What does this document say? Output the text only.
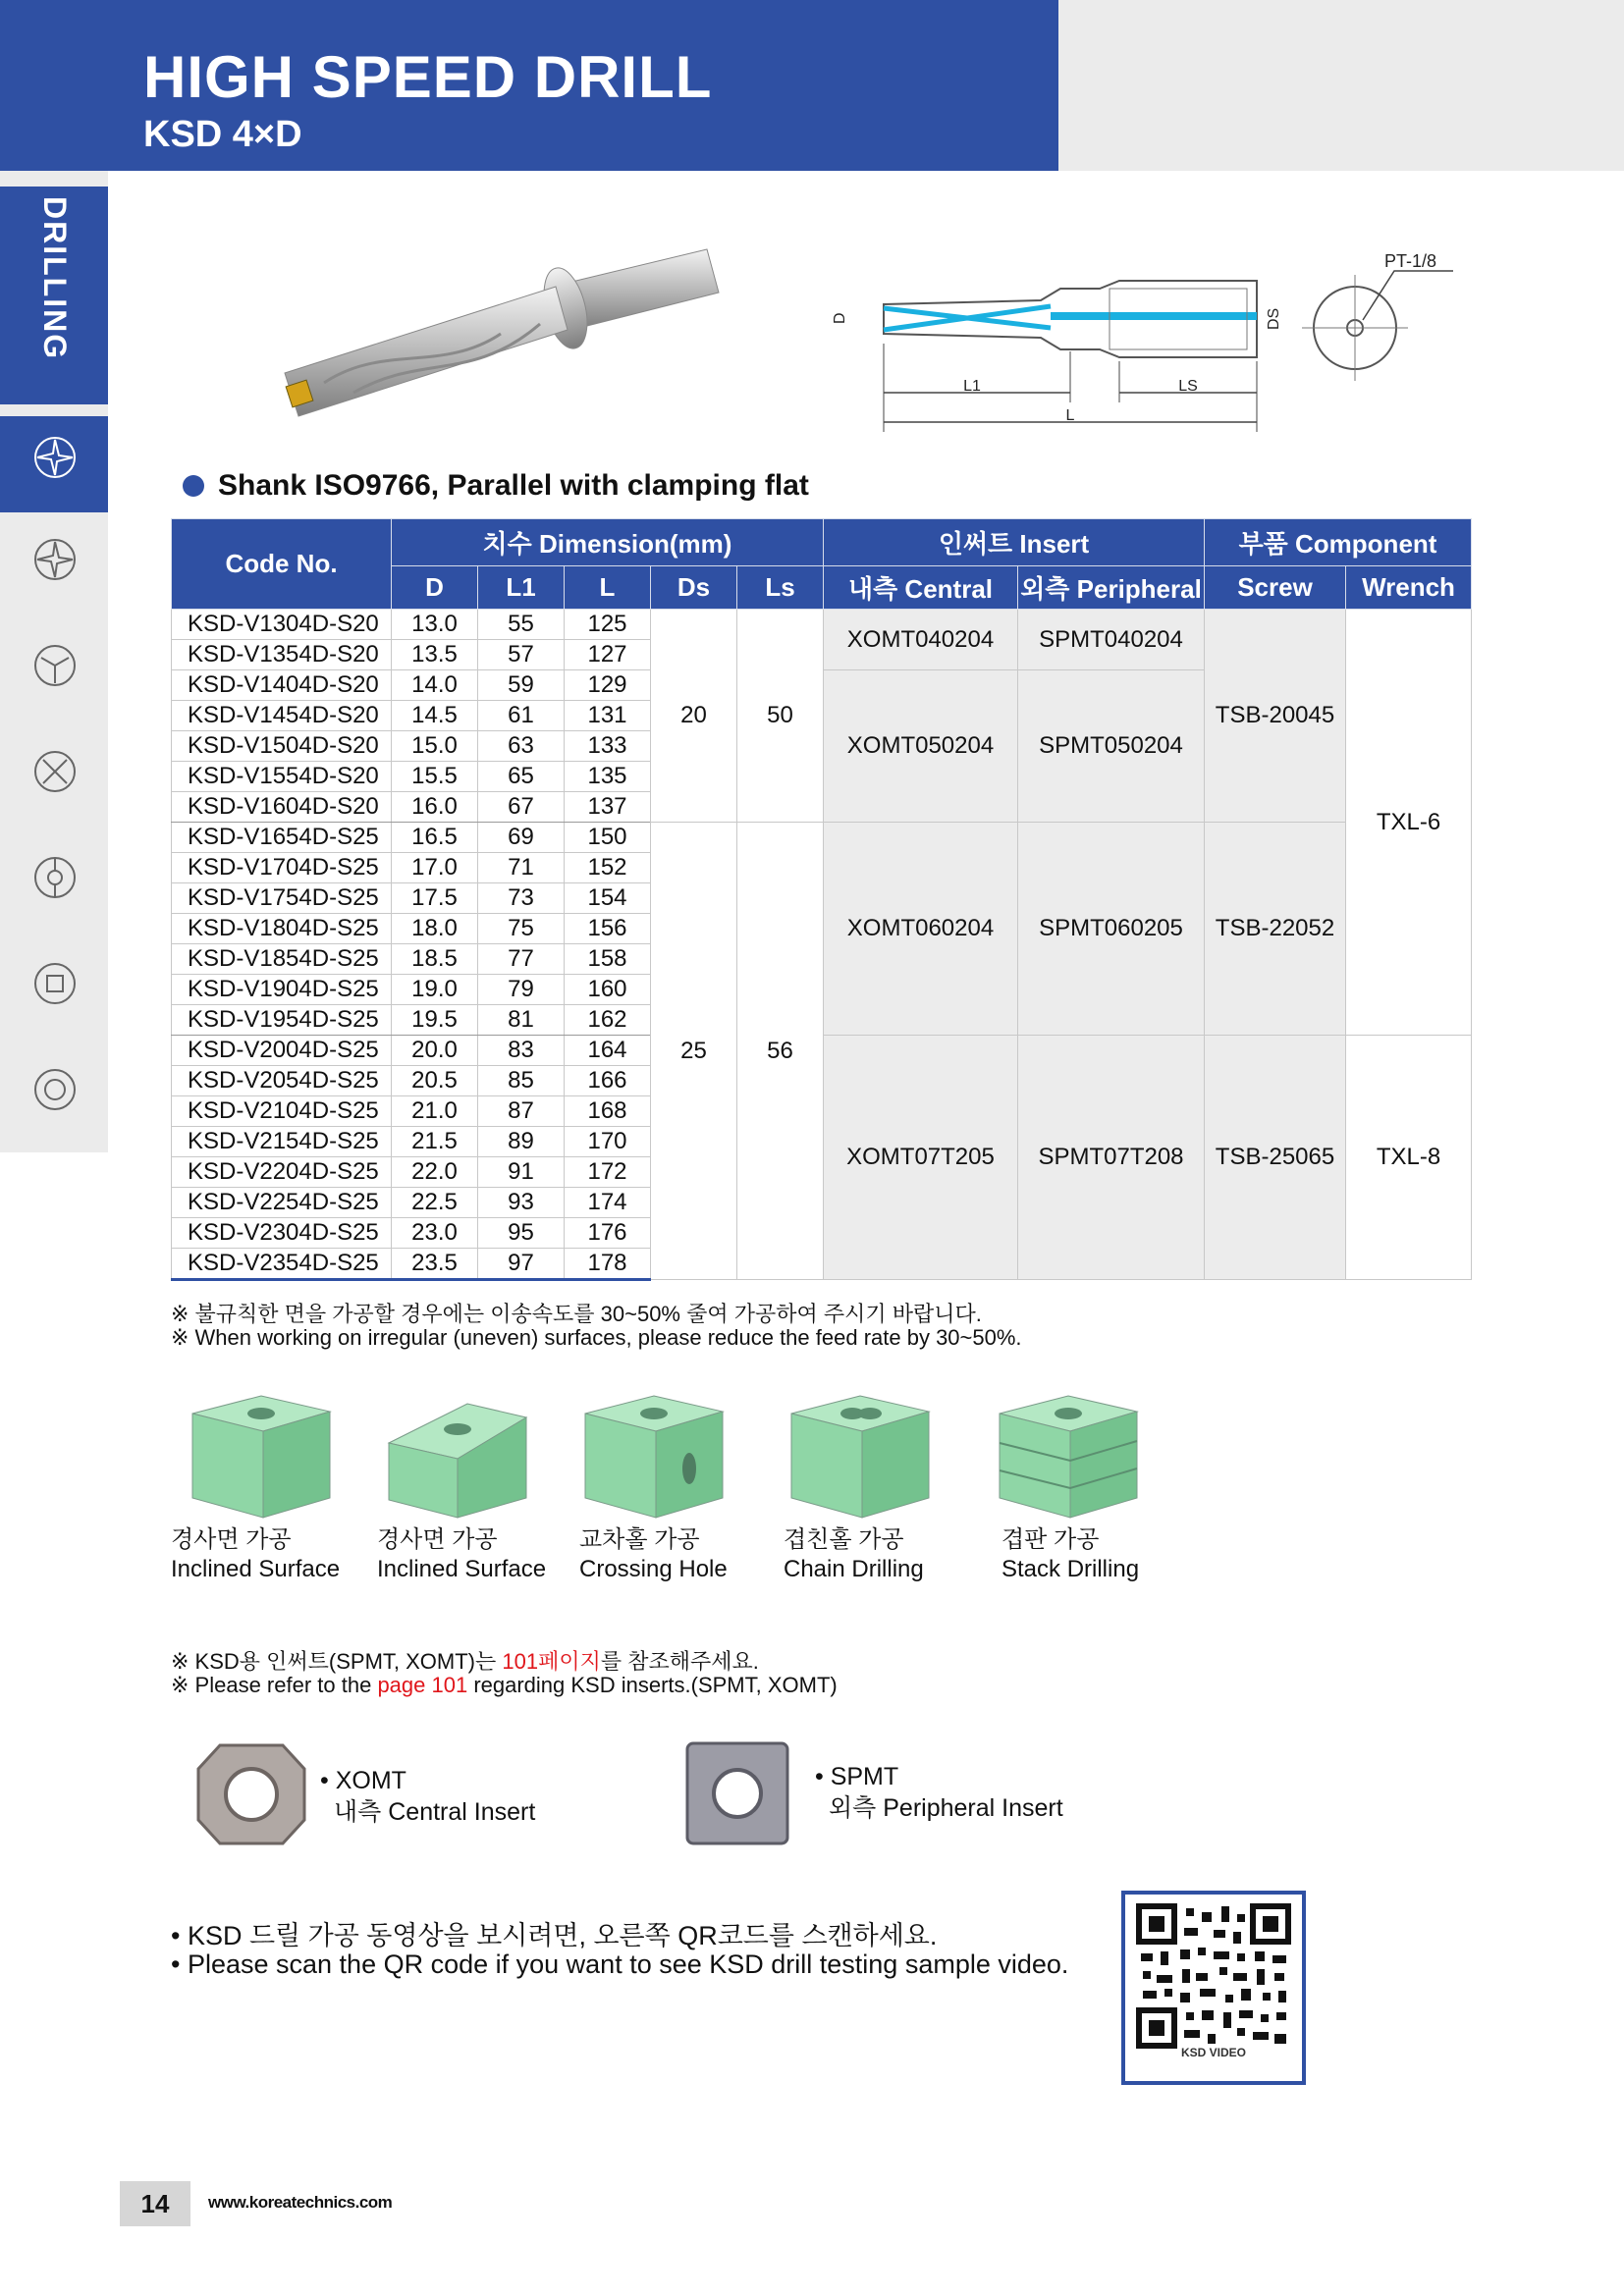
HIGH SPEED DRILL
KSD 4×D
DRILLING
L1	LS
L
D	DS
PT-1/8
Shank ISO9766, Parallel with clamping flat
Code No.	치수 Dimension(mm)					인써트 Insert		부품 Component	
	D	L1	L	Ds	Ls	내측 Central	외측 Peripheral	Screw	Wrench
KSD-V1304D-S20	13.0	55	125	20	50	XOMT040204	SPMT040204	TSB-20045	TXL-6
KSD-V1354D-S20	13.5	57	127						
KSD-V1404D-S20	14.0	59	129			XOMT050204	SPMT050204		
KSD-V1454D-S20	14.5	61	131						
KSD-V1504D-S20	15.0	63	133						
KSD-V1554D-S20	15.5	65	135						
KSD-V1604D-S20	16.0	67	137						
KSD-V1654D-S25	16.5	69	150	25	56	XOMT060204	SPMT060205	TSB-22052	
KSD-V1704D-S25	17.0	71	152						
KSD-V1754D-S25	17.5	73	154						
KSD-V1804D-S25	18.0	75	156						
KSD-V1854D-S25	18.5	77	158						
KSD-V1904D-S25	19.0	79	160						
KSD-V1954D-S25	19.5	81	162						
KSD-V2004D-S25	20.0	83	164			XOMT07T205	SPMT07T208	TSB-25065	TXL-8
KSD-V2054D-S25	20.5	85	166						
KSD-V2104D-S25	21.0	87	168						
KSD-V2154D-S25	21.5	89	170						
KSD-V2204D-S25	22.0	91	172						
KSD-V2254D-S25	22.5	93	174						
KSD-V2304D-S25	23.0	95	176						
KSD-V2354D-S25	23.5	97	178						
※ 불규칙한 면을 가공할 경우에는 이송속도를 30~50% 줄여 가공하여 주시기 바랍니다.
※ When working on irregular (uneven) surfaces, please reduce the feed rate by 30~50%.
경사면 가공
Inclined Surface
경사면 가공
Inclined Surface
교차홀 가공
Crossing Hole
겹친홀 가공
Chain Drilling
겹판 가공
Stack Drilling
※ KSD용 인써트(SPMT, XOMT)는 101페이지를 참조해주세요.
※ Please refer to the page 101 regarding KSD inserts.(SPMT, XOMT)
• XOMT
내측 Central Insert
• SPMT
외측 Peripheral Insert
• KSD 드릴 가공 동영상을 보시려면, 오른쪽 QR코드를 스캔하세요.
• Please scan the QR code if you want to see KSD drill testing sample video.
KSD VIDEO
14	www.koreatechnics.com
